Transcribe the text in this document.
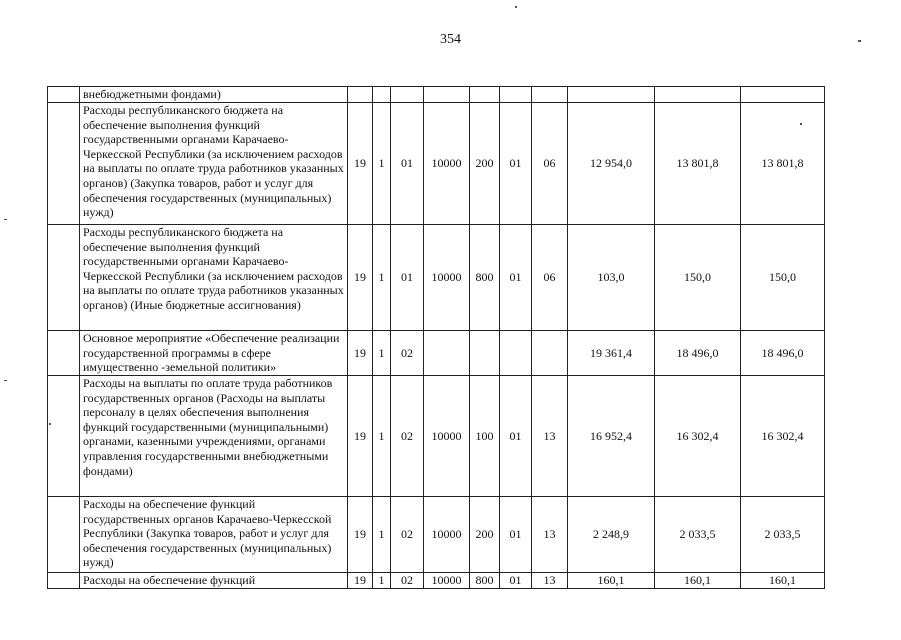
354
	внебюджетными фондами)										
	Расходы республиканского бюджета на обеспечение выполнения функций государственными органами Карачаево-Черкесской Республики (за исключением расходов на выплаты по оплате труда работников указанных органов) (Закупка товаров, работ и услуг для обеспечения государственных (муниципальных) нужд)	19	1	01	10000	200	01	06	12 954,0	13 801,8	13 801,8
	Расходы республиканского бюджета на обеспечение выполнения функций государственными органами Карачаево-Черкесской Республики (за исключением расходов на выплаты по оплате труда работников указанных органов) (Иные бюджетные ассигнования)	19	1	01	10000	800	01	06	103,0	150,0	150,0
	Основное мероприятие «Обеспечение реализации государственной программы в сфере имущественно -земельной политики»	19	1	02					19 361,4	18 496,0	18 496,0
	Расходы на выплаты по оплате труда работников государственных органов (Расходы на выплаты персоналу в целях обеспечения выполнения функций государственными (муниципальными) органами, казенными учреждениями, органами управления государственными внебюджетными фондами)	19	1	02	10000	100	01	13	16 952,4	16 302,4	16 302,4
	Расходы на обеспечение функций государственных органов Карачаево-Черкесской Республики (Закупка товаров, работ и услуг для обеспечения государственных (муниципальных) нужд)	19	1	02	10000	200	01	13	2 248,9	2 033,5	2 033,5
	Расходы на обеспечение функций	19	1	02	10000	800	01	13	160,1	160,1	160,1
